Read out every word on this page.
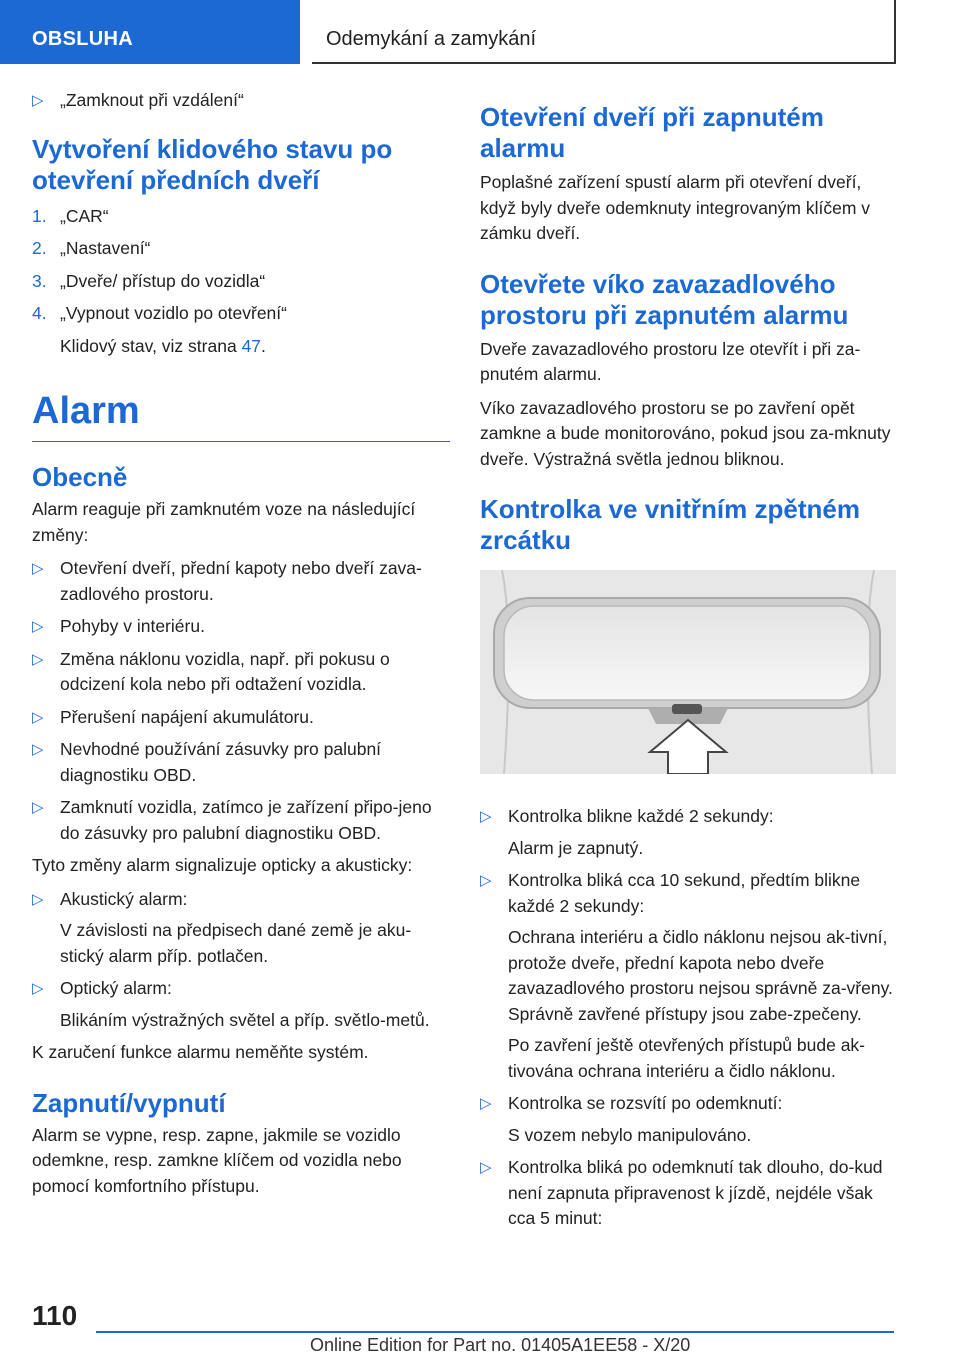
OBSLUHA	Odemykání a zamykání
▷ „Zamknout při vzdálení“
Vytvoření klidového stavu po otevření předních dveří
1. „CAR“
2. „Nastavení“
3. „Dveře/ přístup do vozidla“
4. „Vypnout vozidlo po otevření“
Klidový stav, viz strana 47.
Alarm
Obecně
Alarm reaguje při zamknutém voze na následující změny:
▷ Otevření dveří, přední kapoty nebo dveří zava-zadlového prostoru.
▷ Pohyby v interiéru.
▷ Změna náklonu vozidla, např. při pokusu o odcizení kola nebo při odtažení vozidla.
▷ Přerušení napájení akumulátoru.
▷ Nevhodné používání zásuvky pro palubní diagnostiku OBD.
▷ Zamknutí vozidla, zatímco je zařízení připo-jeno do zásuvky pro palubní diagnostiku OBD.
Tyto změny alarm signalizuje opticky a akusticky:
▷ Akustický alarm:
V závislosti na předpisech dané země je aku-stický alarm příp. potlačen.
▷ Optický alarm:
Blikáním výstražných světel a příp. světlo-metů.
K zaručení funkce alarmu neměňte systém.
Zapnutí/vypnutí
Alarm se vypne, resp. zapne, jakmile se vozidlo odemkne, resp. zamkne klíčem od vozidla nebo pomocí komfortního přístupu.
Otevření dveří při zapnutém alarmu
Poplašné zařízení spustí alarm při otevření dveří, když byly dveře odemknuty integrovaným klíčem v zámku dveří.
Otevřete víko zavazadlového prostoru při zapnutém alarmu
Dveře zavazadlového prostoru lze otevřít i při za-pnutém alarmu.
Víko zavazadlového prostoru se po zavření opět zamkne a bude monitorováno, pokud jsou za-mknuty dveře. Výstražná světla jednou bliknou.
Kontrolka ve vnitřním zpětném zrcátku
▷ Kontrolka blikne každé 2 sekundy:
Alarm je zapnutý.
▷ Kontrolka bliká cca 10 sekund, předtím blikne každé 2 sekundy:
Ochrana interiéru a čidlo náklonu nejsou ak-tivní, protože dveře, přední kapota nebo dveře zavazadlového prostoru nejsou správně za-vřeny. Správně zavřené přístupy jsou zabe-zpečeny.
Po zavření ještě otevřených přístupů bude ak-tivována ochrana interiéru a čidlo náklonu.
▷ Kontrolka se rozsvítí po odemknutí:
S vozem nebylo manipulováno.
▷ Kontrolka bliká po odemknutí tak dlouho, do-kud není zapnuta připravenost k jízdě, nejdéle však cca 5 minut:
110
Online Edition for Part no. 01405A1EE58 - X/20
